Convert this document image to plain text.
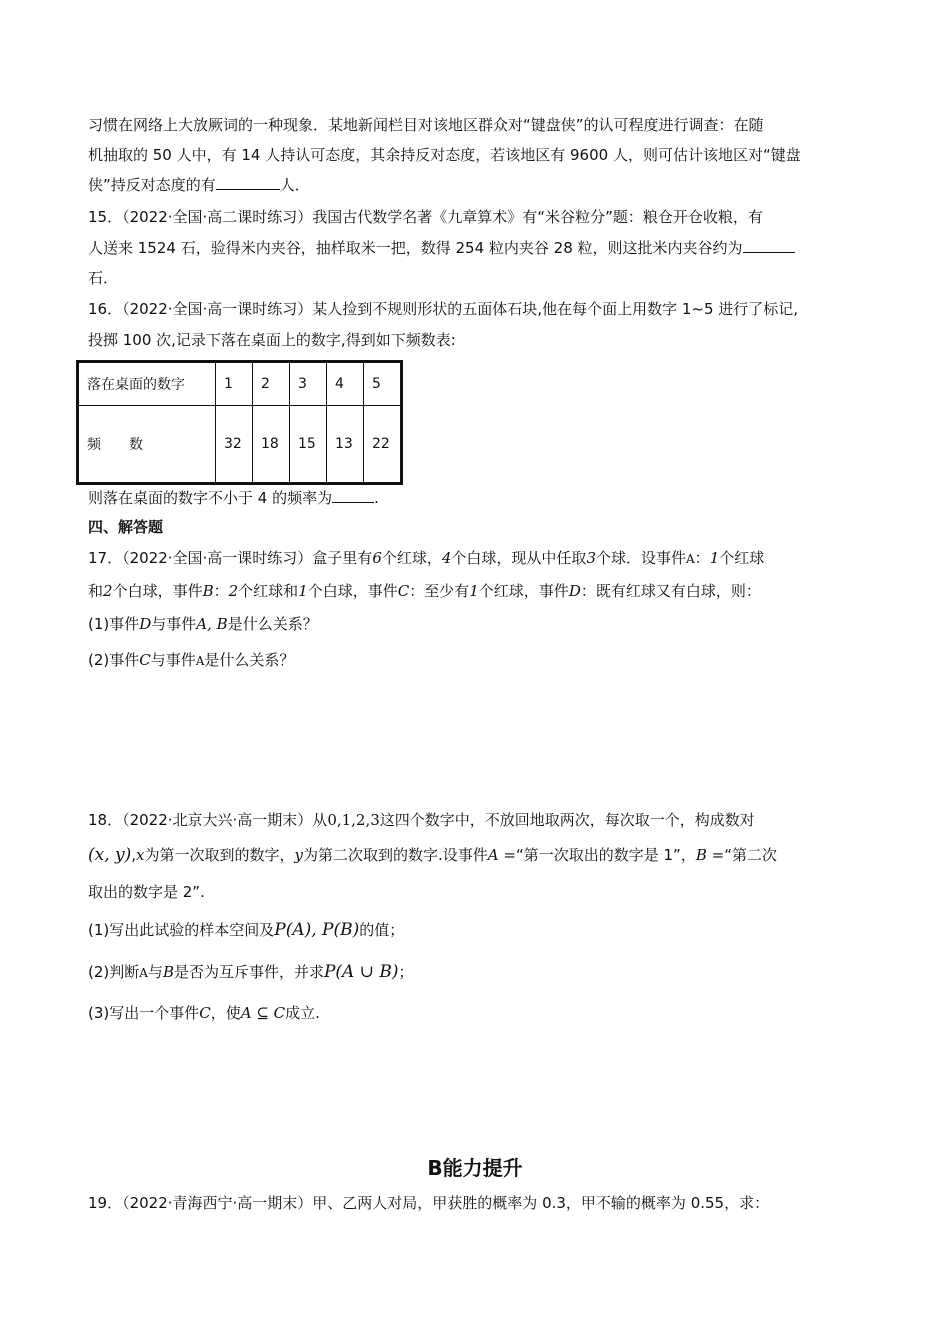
习惯在网络上大放厥词的一种现象．某地新闻栏目对该地区群众对“键盘侠”的认可程度进行调查：在随
机抽取的 50 人中，有 14 人持认可态度，其余持反对态度，若该地区有 9600 人，则可估计该地区对“键盘
侠”持反对态度的有	人．
15．（2022·全国·高二课时练习）我国古代数学名著《九章算术》有“米谷粒分”题：粮仓开仓收粮，有
人送来 1524 石，验得米内夹谷，抽样取米一把，数得 254 粒内夹谷 28 粒，则这批米内夹谷约为
石．
16．（2022·全国·高一课时练习）某人捡到不规则形状的五面体石块,他在每个面上用数字 1~5 进行了标记,
投掷 100 次,记录下落在桌面上的数字,得到如下频数表:
落在桌面的数字	1	2	3	4	5
频　　数	32	18	15	13	22
则落在桌面的数字不小于 4 的频率为	.
四、解答题
17．（2022·全国·高一课时练习）盒子里有6个红球，4个白球，现从中任取3个球．设事件A：1个红球
和2个白球，事件B：2个红球和1个白球，事件C：至少有1个红球，事件D：既有红球又有白球，则：
(1)事件D与事件A, B是什么关系？
(2)事件C与事件A是什么关系？
18．（2022·北京大兴·高一期末）从0,1,2,3这四个数字中，不放回地取两次，每次取一个，构成数对
(x, y),x为第一次取到的数字，y为第二次取到的数字.设事件A =“第一次取出的数字是 1”，B =“第二次
取出的数字是 2”.
(1)写出此试验的样本空间及P(A), P(B)的值；
(2)判断A与B是否为互斥事件，并求P(A ∪ B)；
(3)写出一个事件C，使A ⊆ C成立.
B能力提升
19．（2022·青海西宁·高一期末）甲、乙两人对局，甲获胜的概率为 0.3，甲不输的概率为 0.55，求：
